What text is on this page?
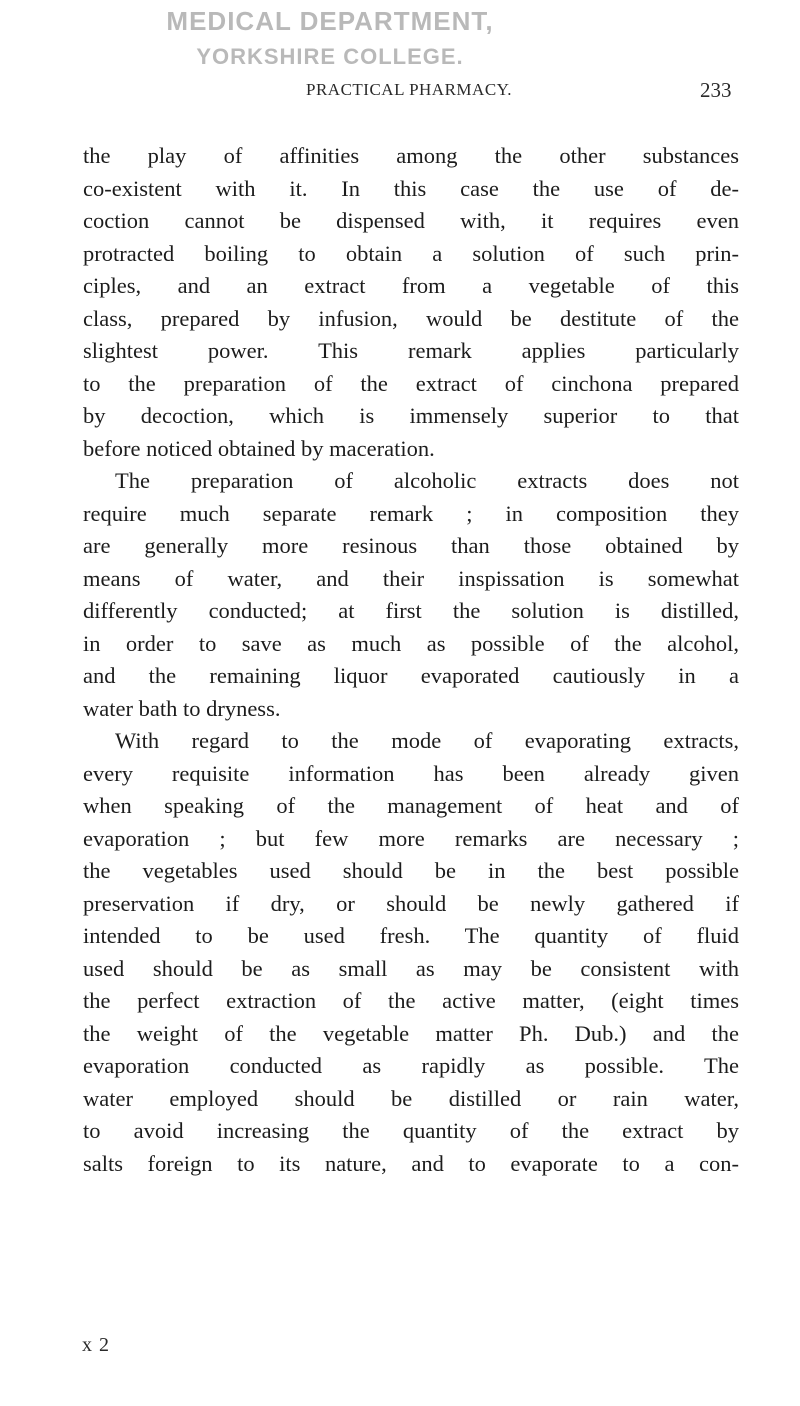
MEDICAL DEPARTMENT,
YORKSHIRE COLLEGE.
PRACTICAL PHARMACY.	233
the play of affinities among the other substances
co-existent with it. In this case the use of de-
coction cannot be dispensed with, it requires even
protracted boiling to obtain a solution of such prin-
ciples, and an extract from a vegetable of this
class, prepared by infusion, would be destitute of the
slightest power. This remark applies particularly
to the preparation of the extract of cinchona prepared
by decoction, which is immensely superior to that
before noticed obtained by maceration.
The preparation of alcoholic extracts does not
require much separate remark ; in composition they
are generally more resinous than those obtained by
means of water, and their inspissation is somewhat
differently conducted; at first the solution is distilled,
in order to save as much as possible of the alcohol,
and the remaining liquor evaporated cautiously in a
water bath to dryness.
With regard to the mode of evaporating extracts,
every requisite information has been already given
when speaking of the management of heat and of
evaporation ; but few more remarks are necessary ;
the vegetables used should be in the best possible
preservation if dry, or should be newly gathered if
intended to be used fresh. The quantity of fluid
used should be as small as may be consistent with
the perfect extraction of the active matter, (eight times
the weight of the vegetable matter Ph. Dub.) and the
evaporation conducted as rapidly as possible. The
water employed should be distilled or rain water,
to avoid increasing the quantity of the extract by
salts foreign to its nature, and to evaporate to a con-
x 2
